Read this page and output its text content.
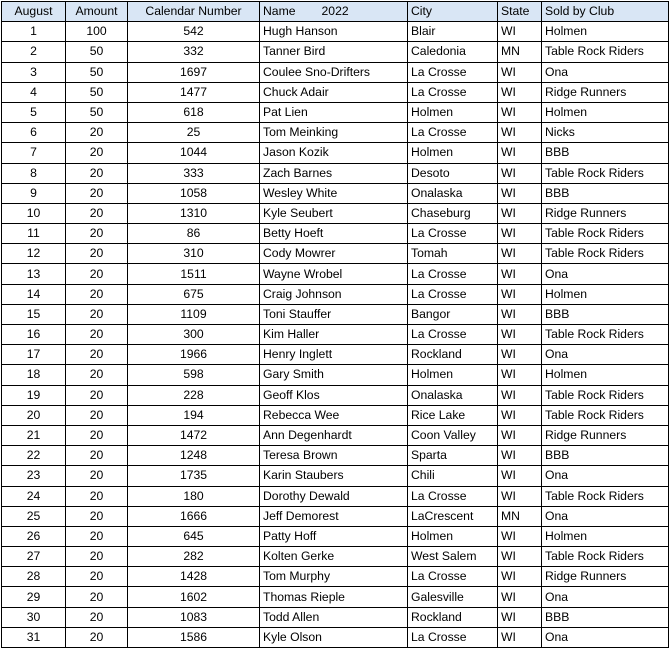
August	Amount	Calendar Number	Name 2022	City	State	Sold by Club
1	100	542	Hugh Hanson	Blair	WI	Holmen
2	50	332	Tanner Bird	Caledonia	MN	Table Rock Riders
3	50	1697	Coulee Sno-Drifters	La Crosse	WI	Ona
4	50	1477	Chuck Adair	La Crosse	WI	Ridge Runners
5	50	618	Pat Lien	Holmen	WI	Holmen
6	20	25	Tom Meinking	La Crosse	WI	Nicks
7	20	1044	Jason Kozik	Holmen	WI	BBB
8	20	333	Zach Barnes	Desoto	WI	Table Rock Riders
9	20	1058	Wesley White	Onalaska	WI	BBB
10	20	1310	Kyle Seubert	Chaseburg	WI	Ridge Runners
11	20	86	Betty Hoeft	La Crosse	WI	Table Rock Riders
12	20	310	Cody Mowrer	Tomah	WI	Table Rock Riders
13	20	1511	Wayne Wrobel	La Crosse	WI	Ona
14	20	675	Craig Johnson	La Crosse	WI	Holmen
15	20	1109	Toni Stauffer	Bangor	WI	BBB
16	20	300	Kim Haller	La Crosse	WI	Table Rock Riders
17	20	1966	Henry Inglett	Rockland	WI	Ona
18	20	598	Gary Smith	Holmen	WI	Holmen
19	20	228	Geoff Klos	Onalaska	WI	Table Rock Riders
20	20	194	Rebecca Wee	Rice Lake	WI	Table Rock Riders
21	20	1472	Ann Degenhardt	Coon Valley	WI	Ridge Runners
22	20	1248	Teresa Brown	Sparta	WI	BBB
23	20	1735	Karin Staubers	Chili	WI	Ona
24	20	180	Dorothy Dewald	La Crosse	WI	Table Rock Riders
25	20	1666	Jeff Demorest	LaCrescent	MN	Ona
26	20	645	Patty Hoff	Holmen	WI	Holmen
27	20	282	Kolten Gerke	West Salem	WI	Table Rock Riders
28	20	1428	Tom Murphy	La Crosse	WI	Ridge Runners
29	20	1602	Thomas Rieple	Galesville	WI	Ona
30	20	1083	Todd Allen	Rockland	WI	BBB
31	20	1586	Kyle Olson	La Crosse	WI	Ona
